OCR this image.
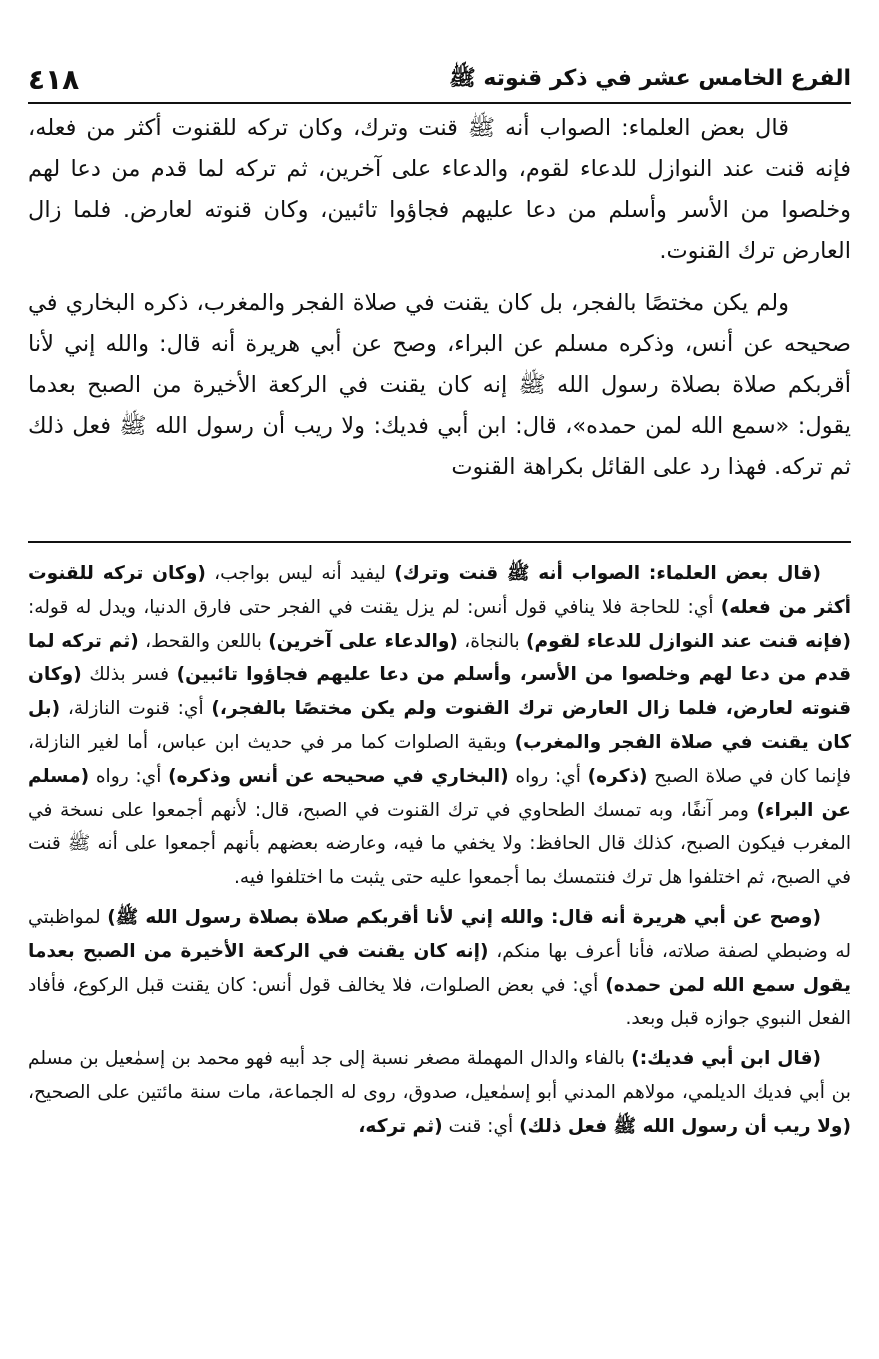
الفرع الخامس عشر في ذكر قنوته ﷺ
٤١٨

قال بعض العلماء: الصواب أنه ﷺ قنت وترك، وكان تركه للقنوت أكثر من فعله، فإنه قنت عند النوازل للدعاء لقوم، والدعاء على آخرين، ثم تركه لما قدم من دعا لهم وخلصوا من الأسر وأسلم من دعا عليهم فجاؤوا تائبين، وكان قنوته لعارض. فلما زال العارض ترك القنوت.

ولم يكن مختصًا بالفجر، بل كان يقنت في صلاة الفجر والمغرب، ذكره البخاري في صحيحه عن أنس، وذكره مسلم عن البراء، وصح عن أبي هريرة أنه قال: والله إني لأنا أقربكم صلاة بصلاة رسول الله ﷺ إنه كان يقنت في الركعة الأخيرة من الصبح بعدما يقول: «سمع الله لمن حمده»، قال: ابن أبي فديك: ولا ريب أن رسول الله ﷺ فعل ذلك ثم تركه. فهذا رد على القائل بكراهة القنوت

(قال بعض العلماء: الصواب أنه ﷺ قنت وترك) ليفيد أنه ليس بواجب، (وكان تركه للقنوت أكثر من فعله) أي: للحاجة فلا ينافي قول أنس: لم يزل يقنت في الفجر حتى فارق الدنيا، ويدل له قوله: (فإنه قنت عند النوازل للدعاء لقوم) بالنجاة، (والدعاء على آخرين) باللعن والقحط، (ثم تركه لما قدم من دعا لهم وخلصوا من الأسر، وأسلم من دعا عليهم فجاؤوا تائبين) فسر بذلك (وكان قنوته لعارض، فلما زال العارض ترك القنوت ولم يكن مختصًا بالفجر،) أي: قنوت النازلة، (بل كان يقنت في صلاة الفجر والمغرب) وبقية الصلوات كما مر في حديث ابن عباس، أما لغير النازلة، فإنما كان في صلاة الصبح (ذكره) أي: رواه (البخاري في صحيحه عن أنس وذكره) أي: رواه (مسلم عن البراء) ومر آنفًا، وبه تمسك الطحاوي في ترك القنوت في الصبح، قال: لأنهم أجمعوا على نسخة في المغرب فيكون الصبح، كذلك قال الحافظ: ولا يخفي ما فيه، وعارضه بعضهم بأنهم أجمعوا على أنه ﷺ قنت في الصبح، ثم اختلفوا هل ترك فنتمسك بما أجمعوا عليه حتى يثبت ما اختلفوا فيه.

(وصح عن أبي هريرة أنه قال: والله إني لأنا أقربكم صلاة بصلاة رسول الله ﷺ) لمواظبتي له وضبطي لصفة صلاته، فأنا أعرف بها منكم، (إنه كان يقنت في الركعة الأخيرة من الصبح بعدما يقول سمع الله لمن حمده) أي: في بعض الصلوات، فلا يخالف قول أنس: كان يقنت قبل الركوع، فأفاد الفعل النبوي جوازه قبل وبعد.

(قال ابن أبي فديك:) بالفاء والدال المهملة مصغر نسبة إلى جد أبيه فهو محمد بن إسمٰعيل بن مسلم بن أبي فديك الديلمي، مولاهم المدني أبو إسمٰعيل، صدوق، روى له الجماعة، مات سنة مائتين على الصحيح، (ولا ريب أن رسول الله ﷺ فعل ذلك) أي: قنت (ثم تركه،
